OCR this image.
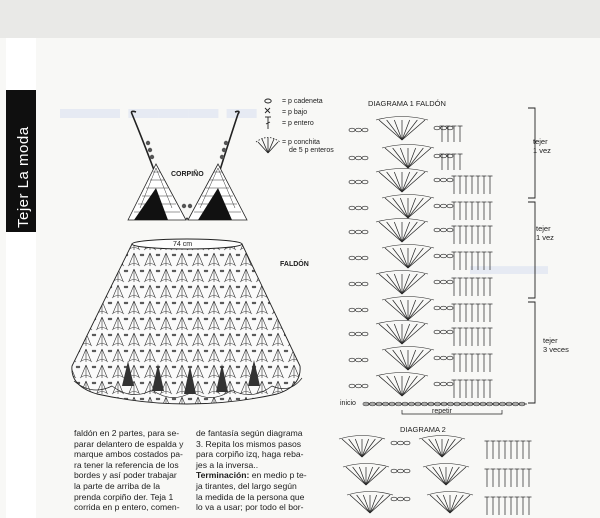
Tejer La moda
▬▬ ▬▬▬ ▬
▬▬▬
= p cadeneta
= p bajo
= p entero
= p conchita
de 5 p enteros
CORPIÑO
74 cm
FALDÓN
DIAGRAMA 1 FALDÓN
tejer
1 vez
tejer
1 vez
tejer
3 veces
inicio
repetir
DIAGRAMA 2

faldón en 2 partes, para se-

parar delantero de espalda y

marque ambos costados pa-

ra tener la referencia de los

bordes y así poder trabajar

la parte de arriba de la

prenda corpiño der. Teja 1

corrida en p entero, comen-

de fantasía según diagrama

3. Repita los mismos pasos

para corpiño izq, haga reba-

jes a la inversa..

Terminación: en medio p te-

ja tirantes, del largo según

la medida de la persona que

lo va a usar; por todo el bor-
